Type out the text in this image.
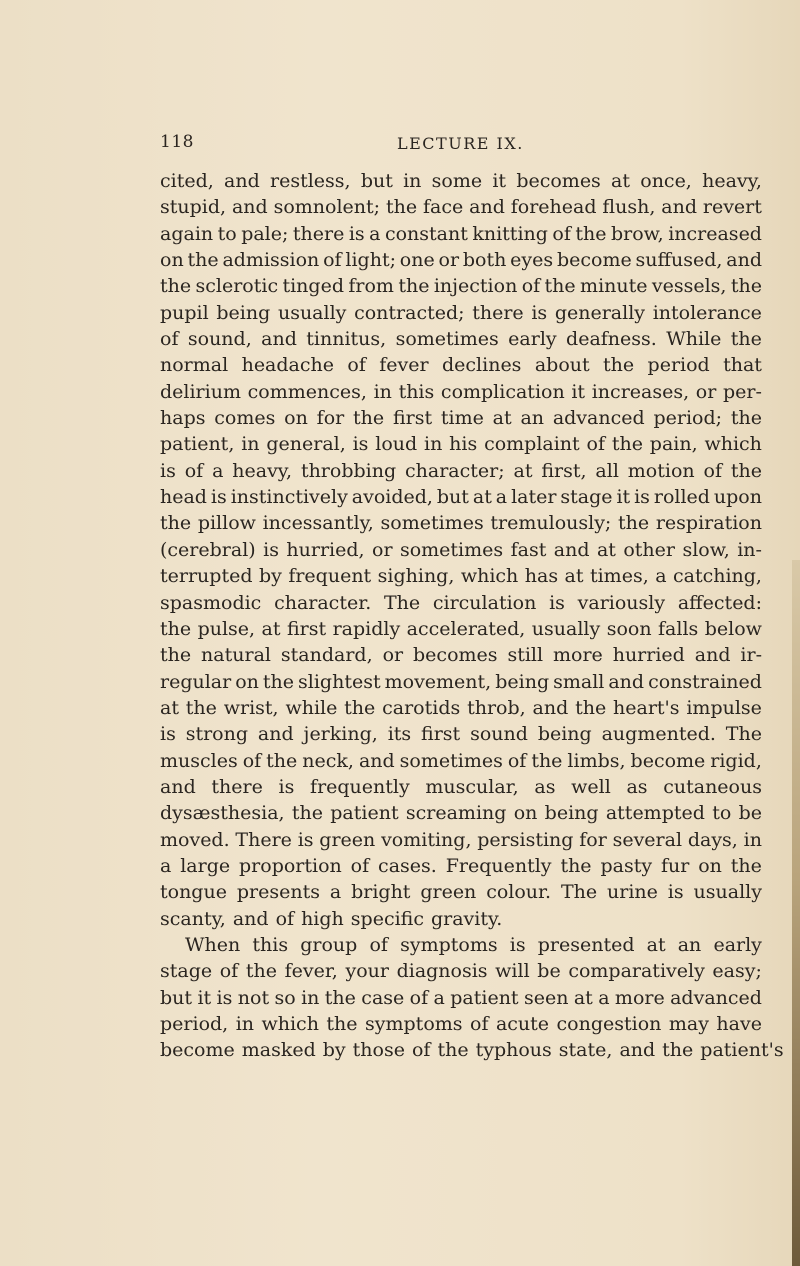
118	LECTURE IX.
cited, and restless, but in some it becomes at once, heavy,
stupid, and somnolent; the face and forehead flush, and revert
again to pale; there is a constant knitting of the brow, increased
on the admission of light; one or both eyes become suffused, and
the sclerotic tinged from the injection of the minute vessels, the
pupil being usually contracted; there is generally intolerance
of sound, and tinnitus, sometimes early deafness. While the
normal headache of fever declines about the period that
delirium commences, in this complication it increases, or per-
haps comes on for the first time at an advanced period; the
patient, in general, is loud in his complaint of the pain, which
is of a heavy, throbbing character; at first, all motion of the
head is instinctively avoided, but at a later stage it is rolled upon
the pillow incessantly, sometimes tremulously; the respiration
(cerebral) is hurried, or sometimes fast and at other slow, in-
terrupted by frequent sighing, which has at times, a catching,
spasmodic character. The circulation is variously affected:
the pulse, at first rapidly accelerated, usually soon falls below
the natural standard, or becomes still more hurried and ir-
regular on the slightest movement, being small and constrained
at the wrist, while the carotids throb, and the heart's impulse
is strong and jerking, its first sound being augmented. The
muscles of the neck, and sometimes of the limbs, become rigid,
and there is frequently muscular, as well as cutaneous
dysæsthesia, the patient screaming on being attempted to be
moved. There is green vomiting, persisting for several days, in
a large proportion of cases. Frequently the pasty fur on the
tongue presents a bright green colour. The urine is usually
scanty, and of high specific gravity.
When this group of symptoms is presented at an early
stage of the fever, your diagnosis will be comparatively easy;
but it is not so in the case of a patient seen at a more advanced
period, in which the symptoms of acute congestion may have
become masked by those of the typhous state, and the patient's
